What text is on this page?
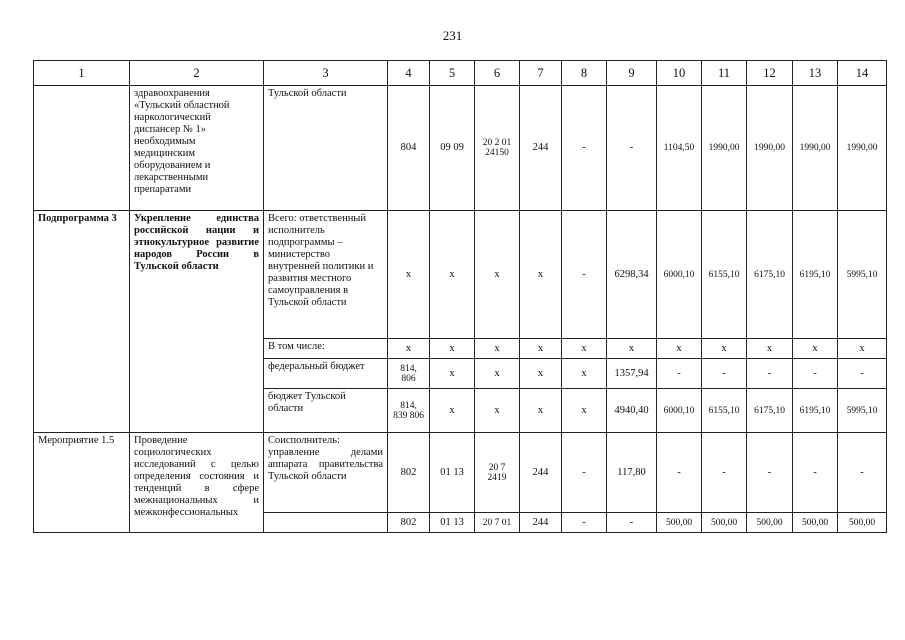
231
1	2	3	4	5	6	7	8	9	10	11	12	13	14
	здравоохранения «Тульский областной наркологический диспансер № 1» необходимым медицинским оборудованием и лекарственными препаратами	Тульской области	804	09 09	20 2 01 24150	244	-	-	1104,50	1990,00	1990,00	1990,00	1990,00
Подпрограмма 3	Укрепление единства российской нации и этнокультурное развитие народов России в Тульской области	Всего: ответственный исполнитель подпрограммы – министерство внутренней политики и развития местного самоуправления в Тульской области	x	x	x	x	-	6298,34	6000,10	6155,10	6175,10	6195,10	5995,10
		В том числе:	x	x	x	x	x	x	x	x	x	x	x
		федеральный бюджет	814, 806	x	x	x	x	1357,94	-	-	-	-	-
		бюджет Тульской области	814, 839 806	x	x	x	x	4940,40	6000,10	6155,10	6175,10	6195,10	5995,10
Мероприятие 1.5	Проведение социологических исследований с целью определения состояния и тенденций в сфере межнациональных и межконфессиональных	Соисполнитель: управление делами аппарата правительства Тульской области	802	01 13	20 7 2419	244	-	117,80	-	-	-	-	-
			802	01 13	20 7 01	244	-	-	500,00	500,00	500,00	500,00	500,00
